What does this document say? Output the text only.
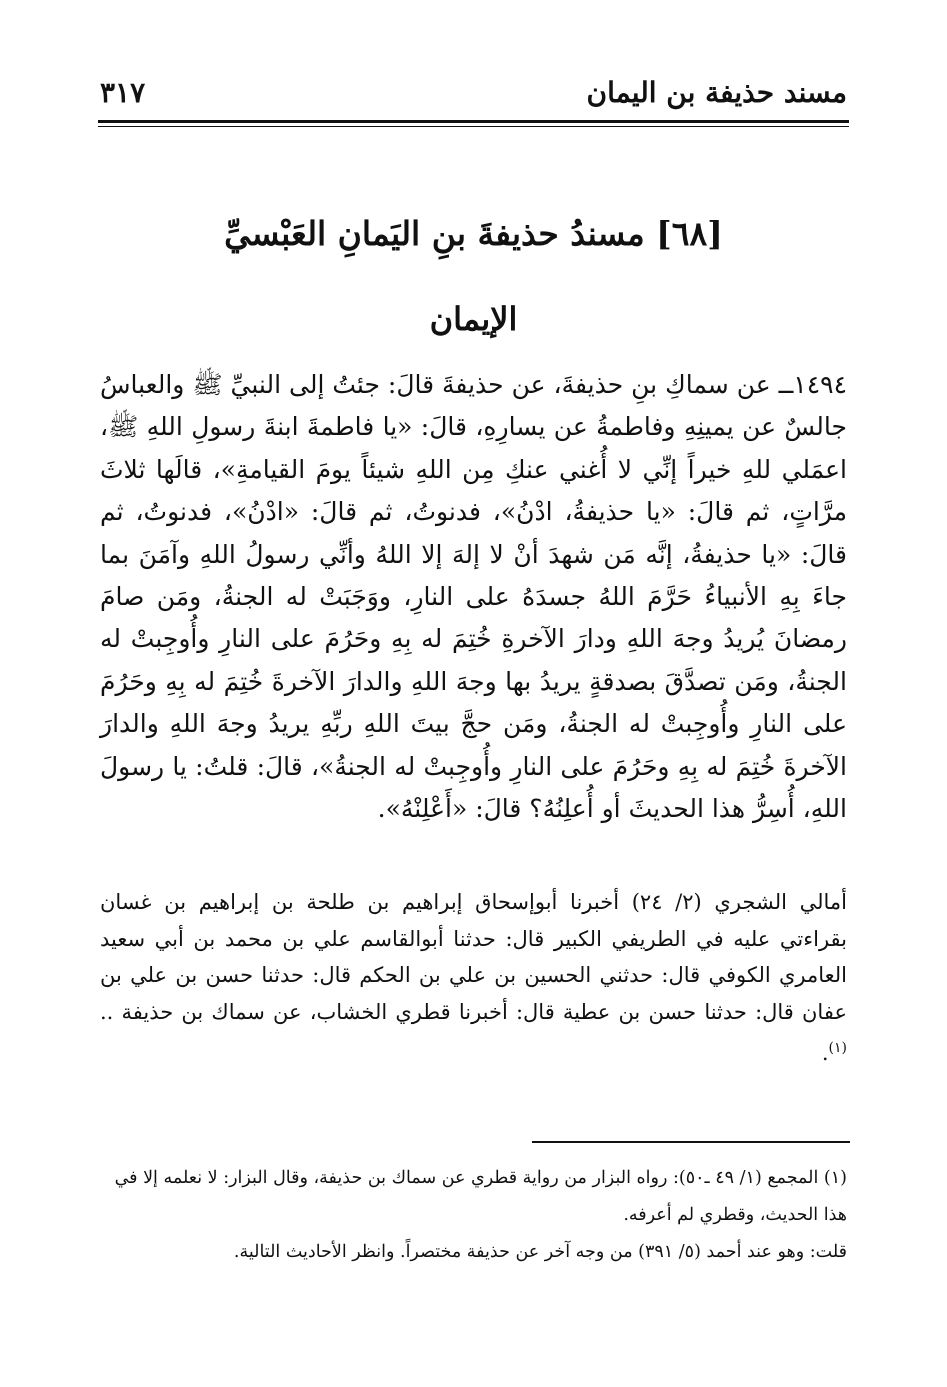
مسند حذيفة بن اليمان
٣١٧
[٦٨] مسندُ حذيفةَ بنِ اليَمانِ العَبْسيِّ
الإيمان
١٤٩٤ــ عن سماكِ بنِ حذيفةَ، عن حذيفةَ قالَ: جئتُ إلى النبيِّ ﷺ والعباسُ جالسٌ عن يمينِهِ وفاطمةُ عن يسارِهِ، قالَ: «يا فاطمةَ ابنةَ رسولِ اللهِ ﷺ، اعمَلي للهِ خيراً إنِّي لا أُغني عنكِ مِن اللهِ شيئاً يومَ القيامةِ»، قالَها ثلاثَ مرَّاتٍ، ثم قالَ: «يا حذيفةُ، ادْنُ»، فدنوتُ، ثم قالَ: «ادْنُ»، فدنوتُ، ثم قالَ: «يا حذيفةُ، إنَّه مَن شهدَ أنْ لا إلهَ إلا اللهُ وأنِّي رسولُ اللهِ وآمَنَ بما جاءَ بِهِ الأنبياءُ حَرَّمَ اللهُ جسدَهُ على النارِ، ووَجَبَتْ له الجنةُ، ومَن صامَ رمضانَ يُريدُ وجهَ اللهِ ودارَ الآخرةِ خُتِمَ له بِهِ وحَرُمَ على النارِ وأُوجِبتْ له الجنةُ، ومَن تصدَّقَ بصدقةٍ يريدُ بها وجهَ اللهِ والدارَ الآخرةَ خُتِمَ له بِهِ وحَرُمَ على النارِ وأُوجِبتْ له الجنةُ، ومَن حجَّ بيتَ اللهِ ربِّهِ يريدُ وجهَ اللهِ والدارَ الآخرةَ خُتِمَ له بِهِ وحَرُمَ على النارِ وأُوجِبتْ له الجنةُ»، قالَ: قلتُ: يا رسولَ اللهِ، أُسِرُّ هذا الحديثَ أو أُعلِنُهُ؟ قالَ: «أَعْلِنْهُ».
أمالي الشجري (٢/ ٢٤) أخبرنا أبوإسحاق إبراهيم بن طلحة بن إبراهيم بن غسان بقراءتي عليه في الطريفي الكبير قال: حدثنا أبوالقاسم علي بن محمد بن أبي سعيد العامري الكوفي قال: حدثني الحسين بن علي بن الحكم قال: حدثنا حسن بن علي بن عفان قال: حدثنا حسن بن عطية قال: أخبرنا قطري الخشاب، عن سماك بن حذيفة ..$^{(١)}$.
(١) المجمع (١/ ٤٩ ـ٥٠): رواه البزار من رواية قطري عن سماك بن حذيفة، وقال البزار: لا نعلمه إلا في هذا الحديث، وقطري لم أعرفه.
قلت: وهو عند أحمد (٥/ ٣٩١) من وجه آخر عن حذيفة مختصراً. وانظر الأحاديث التالية.
